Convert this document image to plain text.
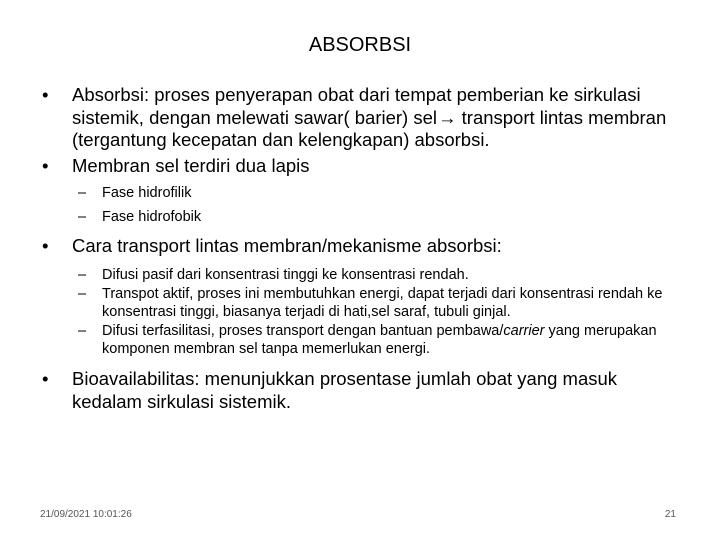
ABSORBSI
•	Absorbsi: proses penyerapan obat dari tempat pemberian ke sirkulasi sistemik, dengan melewati sawar( barier) sel→ transport lintas membran (tergantung kecepatan dan kelengkapan) absorbsi.
•	Membran sel terdiri dua lapis
– Fase hidrofilik
– Fase hidrofobik
•	Cara transport lintas membran/mekanisme absorbsi:
– Difusi pasif dari konsentrasi tinggi ke konsentrasi rendah.
– Transpot aktif, proses ini membutuhkan energi, dapat terjadi dari konsentrasi rendah ke konsentrasi tinggi, biasanya terjadi di hati,sel saraf, tubuli ginjal.
– Difusi terfasilitasi, proses transport dengan bantuan pembawa/carrier yang merupakan komponen membran sel tanpa memerlukan energi.
•	Bioavailabilitas: menunjukkan prosentase jumlah obat yang masuk kedalam sirkulasi sistemik.
21/09/2021 10:01:26	21
